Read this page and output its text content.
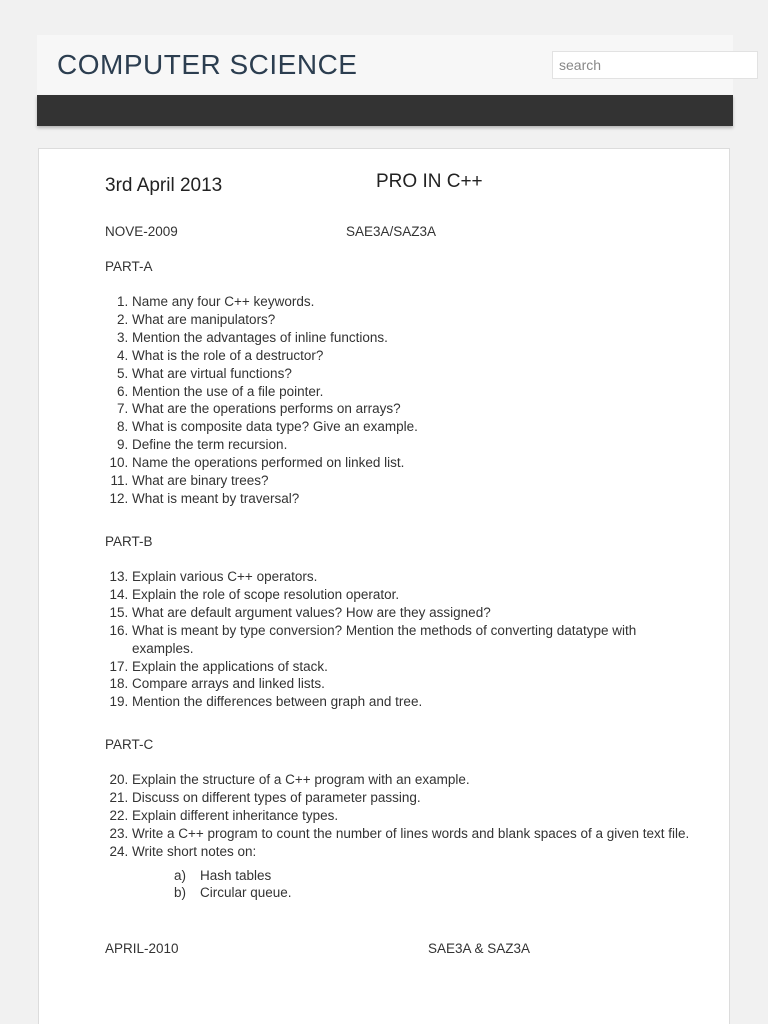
COMPUTER SCIENCE
search
3rd April 2013	PRO IN C++
NOVE-2009	SAE3A/SAZ3A
PART-A
1. Name any four C++ keywords.
2. What are manipulators?
3. Mention the advantages of inline functions.
4. What is the role of a destructor?
5. What are virtual functions?
6. Mention the use of a file pointer.
7. What are the operations performs on arrays?
8. What is composite data type? Give an example.
9. Define the term recursion.
10. Name the operations performed on linked list.
11. What are binary trees?
12. What is meant by traversal?
PART-B
13. Explain various C++ operators.
14. Explain the role of scope resolution operator.
15. What are default argument values? How are they assigned?
16. What is meant by type conversion? Mention the methods of converting datatype with examples.
17. Explain the applications of stack.
18. Compare arrays and linked lists.
19. Mention the differences between graph and tree.
PART-C
20. Explain the structure of a C++ program with an example.
21. Discuss on different types of parameter passing.
22. Explain different inheritance types.
23. Write a C++ program to count the number of lines words and blank spaces of a given text file.
24. Write short notes on:
a) Hash tables
b) Circular queue.
APRIL-2010	SAE3A & SAZ3A
